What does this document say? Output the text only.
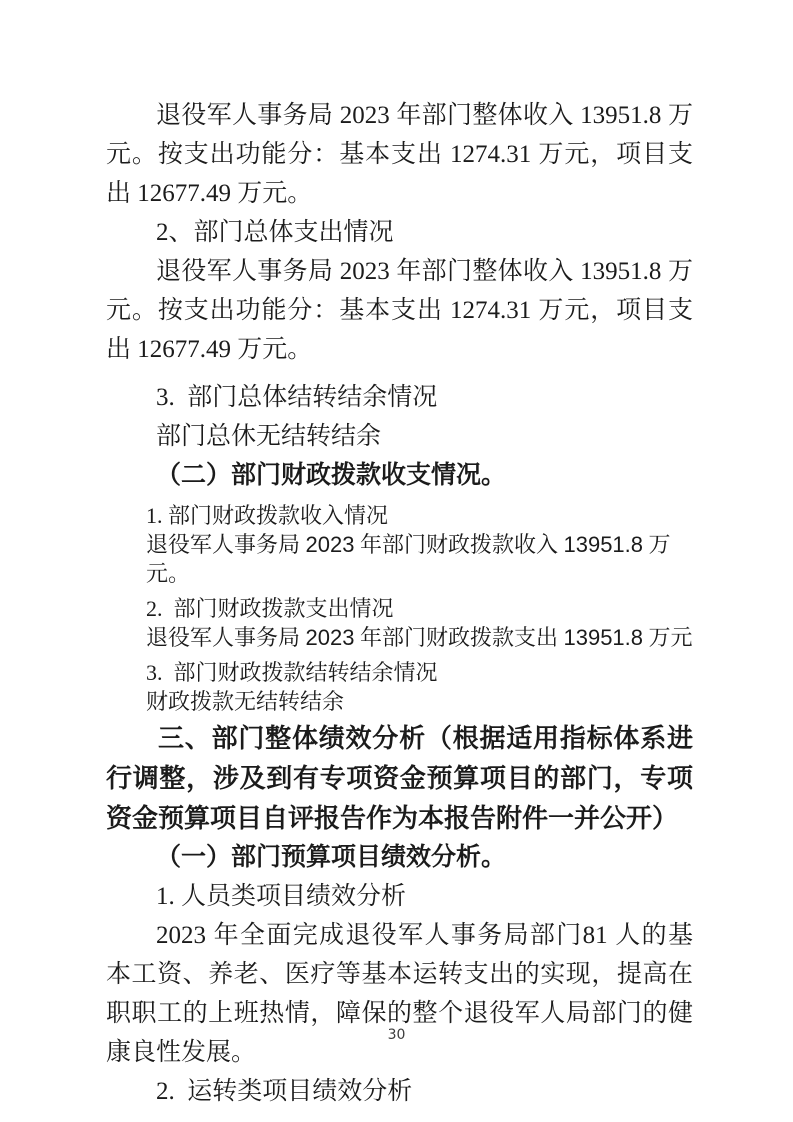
退役军人事务局 2023 年部门整体收入 13951.8 万元。按支出功能分：基本支出 1274.31 万元，项目支出 12677.49 万元。

2、部门总体支出情况

退役军人事务局 2023 年部门整体收入 13951.8 万元。按支出功能分：基本支出 1274.31 万元，项目支出 12677.49 万元。

3.  部门总体结转结余情况

部门总休无结转结余

（二）部门财政拨款收支情况。

1. 部门财政拨款收入情况

退役军人事务局 2023 年部门财政拨款收入 13951.8 万元。

2.  部门财政拨款支出情况

退役军人事务局 2023 年部门财政拨款支出 13951.8 万元

3.  部门财政拨款结转结余情况

财政拨款无结转结余

三、部门整体绩效分析（根据适用指标体系进行调整，涉及到有专项资金预算项目的部门，专项资金预算项目自评报告作为本报告附件一并公开）

（一）部门预算项目绩效分析。

1. 人员类项目绩效分析

2023 年全面完成退役军人事务局部门81 人的基本工资、养老、医疗等基本运转支出的实现，提高在职职工的上班热情，障保的整个退役军人局部门的健康良性发展。

2.  运转类项目绩效分析

30
